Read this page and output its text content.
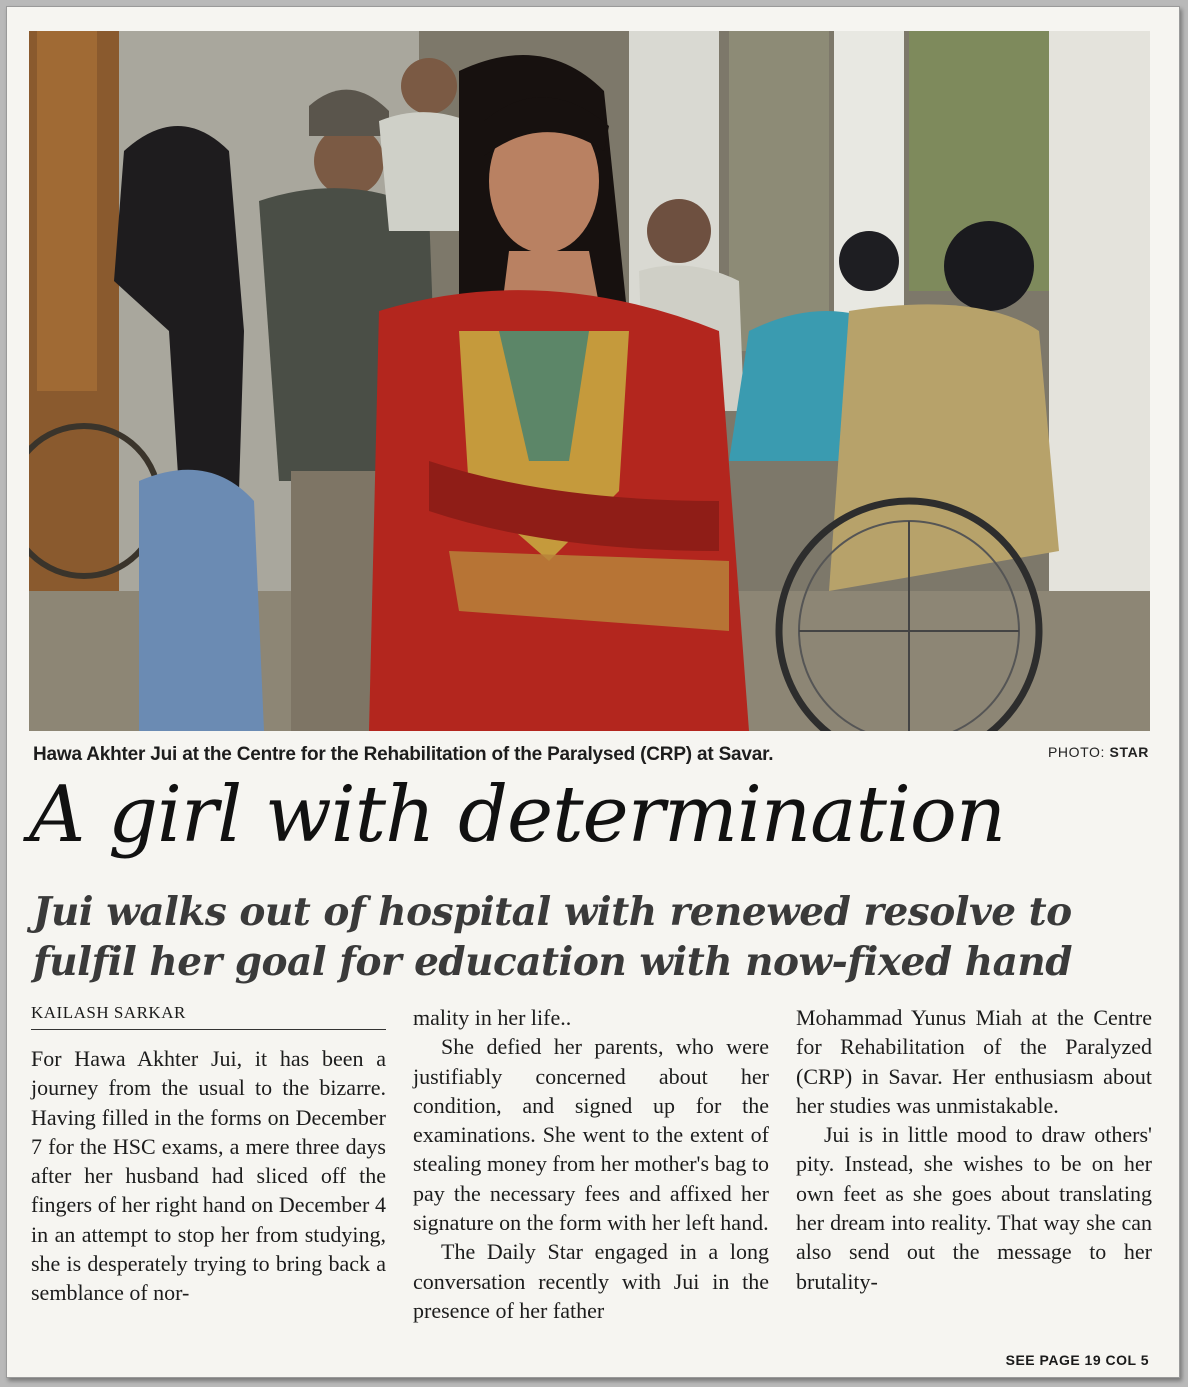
Hawa Akhter Jui at the Centre for the Rehabilitation of the Paralysed (CRP) at Savar.	PHOTO: STAR
A girl with determination
Jui walks out of hospital with renewed resolve to fulfil her goal for education with now-fixed hand
KAILASH SARKAR

For Hawa Akhter Jui, it has been a journey from the usual to the bizarre. Having filled in the forms on December 7 for the HSC exams, a mere three days after her husband had sliced off the fingers of her right hand on December 4 in an attempt to stop her from studying, she is desperately trying to bring back a semblance of nor-

mality in her life..

She defied her parents, who were justifiably concerned about her condition, and signed up for the examinations. She went to the extent of stealing money from her mother's bag to pay the necessary fees and affixed her signature on the form with her left hand.

The Daily Star engaged in a long conversation recently with Jui in the presence of her father

Mohammad Yunus Miah at the Centre for Rehabilitation of the Paralyzed (CRP) in Savar. Her enthusiasm about her studies was unmistakable.

Jui is in little mood to draw others' pity. Instead, she wishes to be on her own feet as she goes about translating her dream into reality. That way she can also send out the message to her brutality-

SEE PAGE 19 COL 5
